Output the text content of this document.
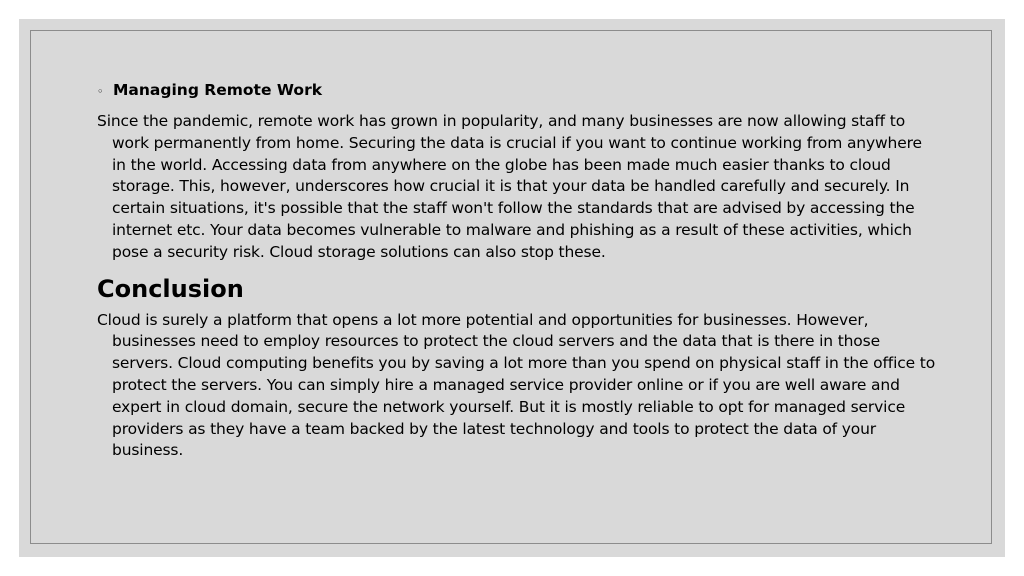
◦ Managing Remote Work

Since the pandemic, remote work has grown in popularity, and many businesses are now allowing staff to work permanently from home. Securing the data is crucial if you want to continue working from anywhere in the world. Accessing data from anywhere on the globe has been made much easier thanks to cloud storage. This, however, underscores how crucial it is that your data be handled carefully and securely. In certain situations, it's possible that the staff won't follow the standards that are advised by accessing the internet etc. Your data becomes vulnerable to malware and phishing as a result of these activities, which pose a security risk. Cloud storage solutions can also stop these.

Conclusion

Cloud is surely a platform that opens a lot more potential and opportunities for businesses. However, businesses need to employ resources to protect the cloud servers and the data that is there in those servers. Cloud computing benefits you by saving a lot more than you spend on physical staff in the office to protect the servers. You can simply hire a managed service provider online or if you are well aware and expert in cloud domain, secure the network yourself. But it is mostly reliable to opt for managed service providers as they have a team backed by the latest technology and tools to protect the data of your business.
